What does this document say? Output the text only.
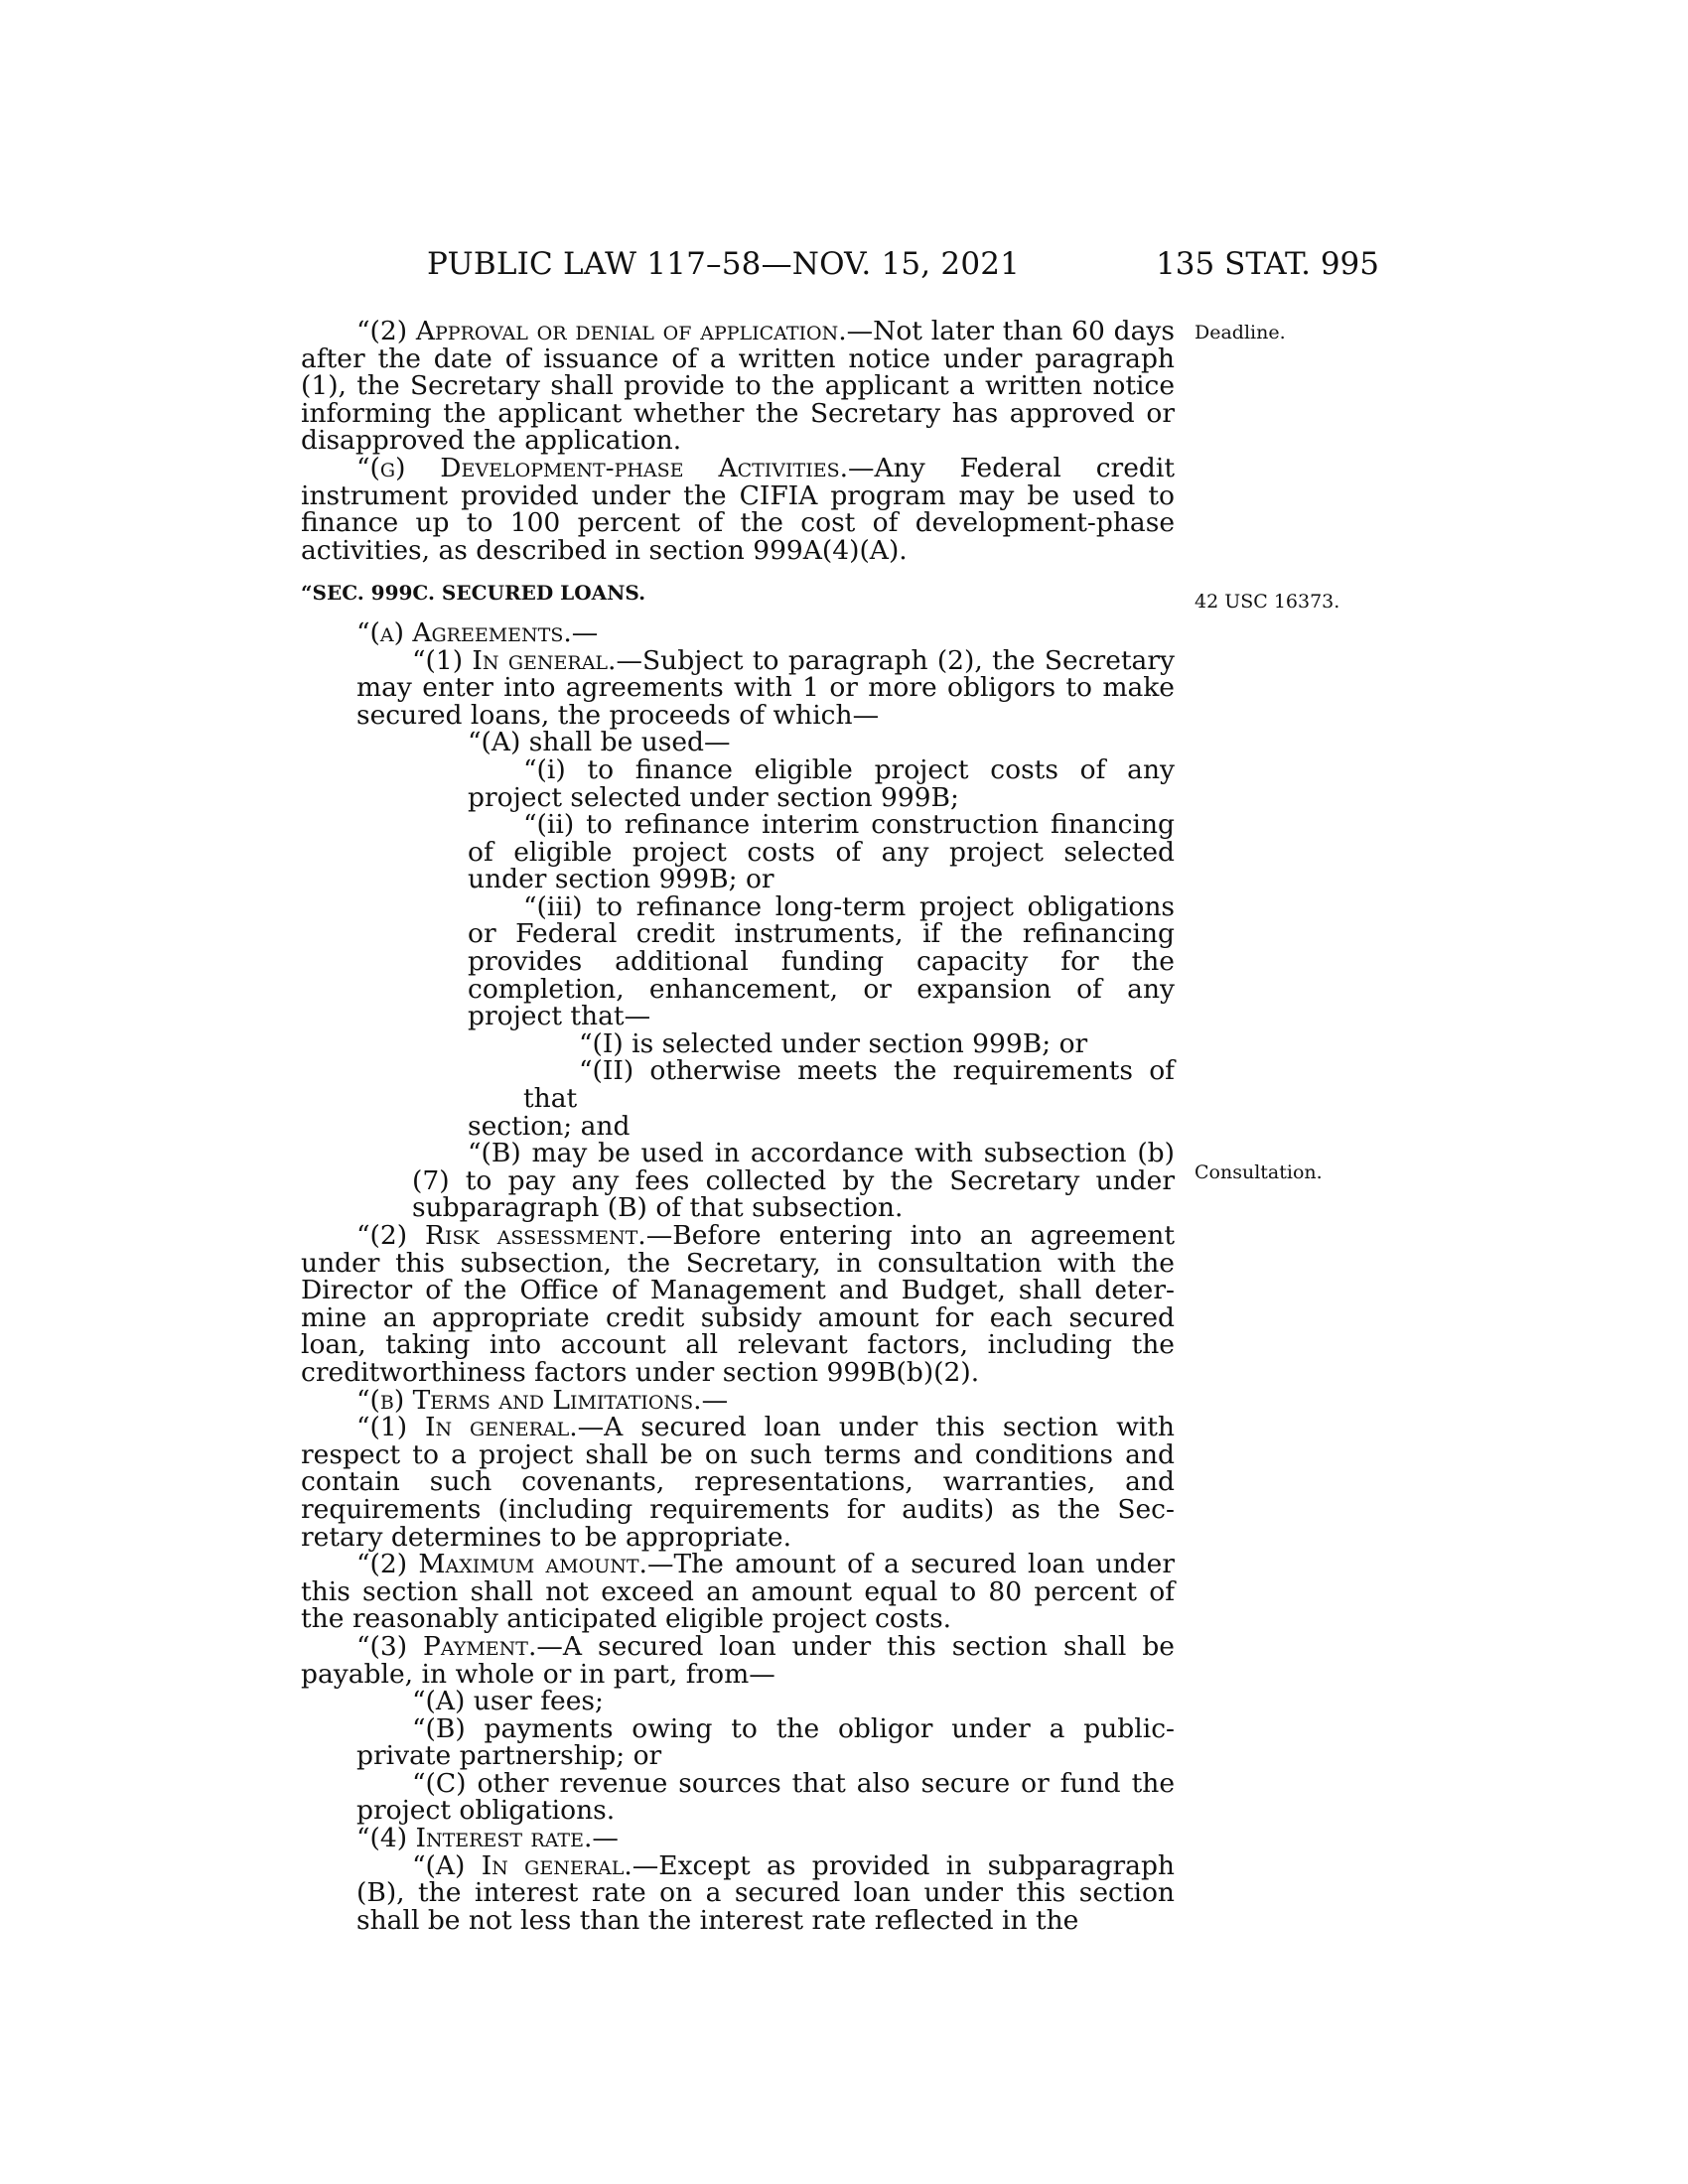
PUBLIC LAW 117–58—NOV. 15, 2021	135 STAT. 995
Deadline.
42 USC 16373.
Consultation.

“(2) Approval or denial of application.—Not later than 60 days after the date of issuance of a written notice under paragraph (1), the Secretary shall provide to the applicant a written notice informing the applicant whether the Secretary has approved or disapproved the application.

“(g) Development-phase Activities.—Any Federal credit instrument provided under the CIFIA program may be used to finance up to 100 percent of the cost of development-phase activities, as described in section 999A(4)(A).

“SEC. 999C. SECURED LOANS.

“(a) Agreements.—

“(1) In general.—Subject to paragraph (2), the Secretary may enter into agreements with 1 or more obligors to make secured loans, the proceeds of which—

“(A) shall be used—

“(i) to finance eligible project costs of any project selected under section 999B;

“(ii) to refinance interim construction financing of eligible project costs of any project selected under section 999B; or

“(iii) to refinance long-term project obligations or Federal credit instruments, if the refinancing provides additional funding capacity for the completion, enhancement, or expansion of any project that—

“(I) is selected under section 999B; or

“(II) otherwise meets the requirements of that

section; and

“(B) may be used in accordance with subsection (b)(7) to pay any fees collected by the Secretary under subparagraph (B) of that subsection.

“(2) Risk assessment.—Before entering into an agreement under this subsection, the Secretary, in consultation with the Director of the Office of Management and Budget, shall determine an appropriate credit subsidy amount for each secured loan, taking into account all relevant factors, including the creditworthiness factors under section 999B(b)(2).

“(b) Terms and Limitations.—

“(1) In general.—A secured loan under this section with respect to a project shall be on such terms and conditions and contain such covenants, representations, warranties, and requirements (including requirements for audits) as the Secretary determines to be appropriate.

“(2) Maximum amount.—The amount of a secured loan under this section shall not exceed an amount equal to 80 percent of the reasonably anticipated eligible project costs.

“(3) Payment.—A secured loan under this section shall be payable, in whole or in part, from—

“(A) user fees;

“(B) payments owing to the obligor under a public-private partnership; or

“(C) other revenue sources that also secure or fund the project obligations.

“(4) Interest rate.—

“(A) In general.—Except as provided in subparagraph (B), the interest rate on a secured loan under this section shall be not less than the interest rate reflected in the
